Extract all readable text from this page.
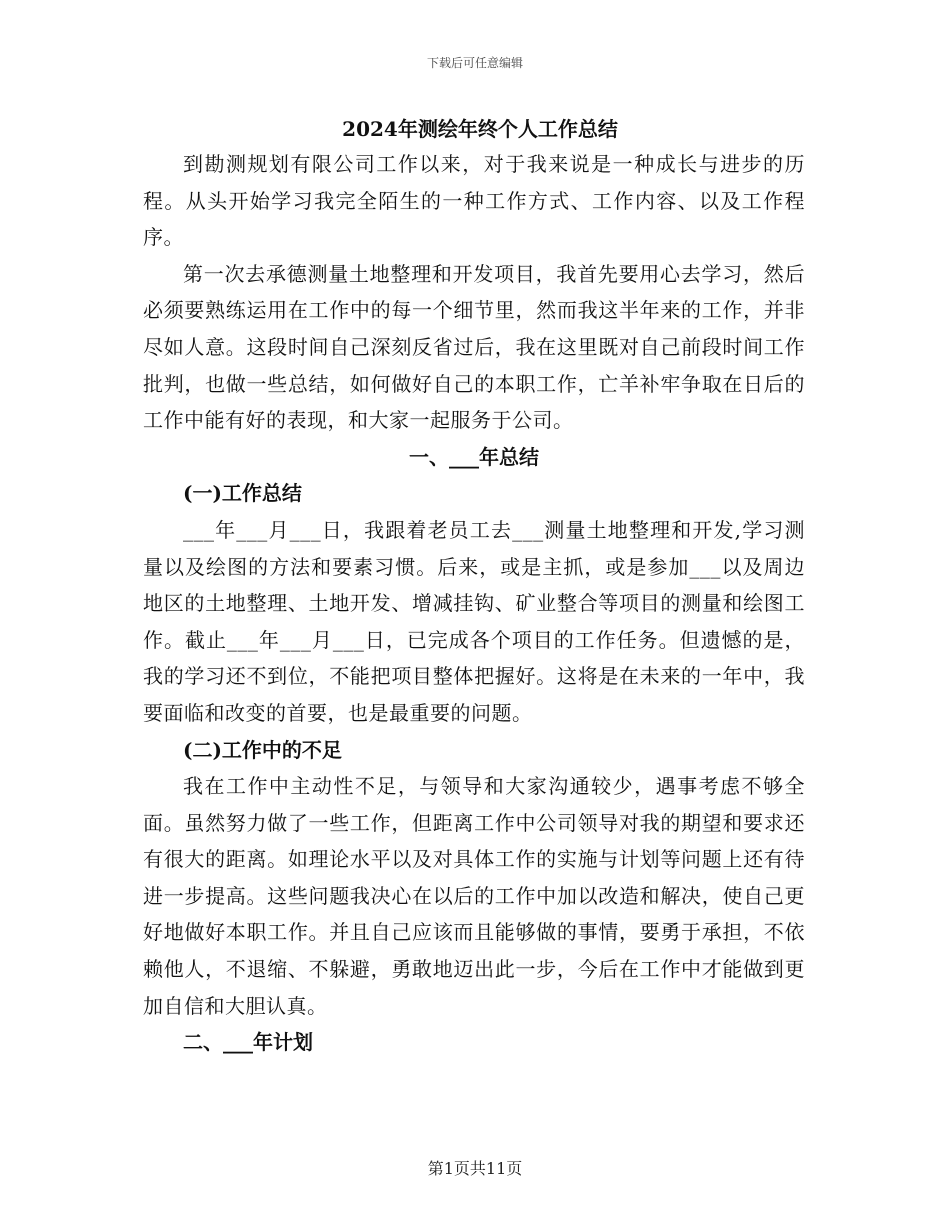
下载后可任意编辑
2024年测绘年终个人工作总结

到勘测规划有限公司工作以来，对于我来说是一种成长与进步的历程。从头开始学习我完全陌生的一种工作方式、工作内容、以及工作程序。

第一次去承德测量土地整理和开发项目，我首先要用心去学习，然后必须要熟练运用在工作中的每一个细节里，然而我这半年来的工作，并非尽如人意。这段时间自己深刻反省过后，我在这里既对自己前段时间工作批判，也做一些总结，如何做好自己的本职工作，亡羊补牢争取在日后的工作中能有好的表现，和大家一起服务于公司。

一、___年总结
(一)工作总结

___年___月___日，我跟着老员工去___测量土地整理和开发,学习测量以及绘图的方法和要素习惯。后来，或是主抓，或是参加___以及周边地区的土地整理、土地开发、增减挂钩、矿业整合等项目的测量和绘图工作。截止___年___月___日，已完成各个项目的工作任务。但遗憾的是，我的学习还不到位，不能把项目整体把握好。这将是在未来的一年中，我要面临和改变的首要，也是最重要的问题。

(二)工作中的不足

我在工作中主动性不足，与领导和大家沟通较少，遇事考虑不够全面。虽然努力做了一些工作，但距离工作中公司领导对我的期望和要求还有很大的距离。如理论水平以及对具体工作的实施与计划等问题上还有待进一步提高。这些问题我决心在以后的工作中加以改造和解决，使自己更好地做好本职工作。并且自己应该而且能够做的事情，要勇于承担，不依赖他人，不退缩、不躲避，勇敢地迈出此一步，今后在工作中才能做到更加自信和大胆认真。

二、___年计划
第1页共11页
